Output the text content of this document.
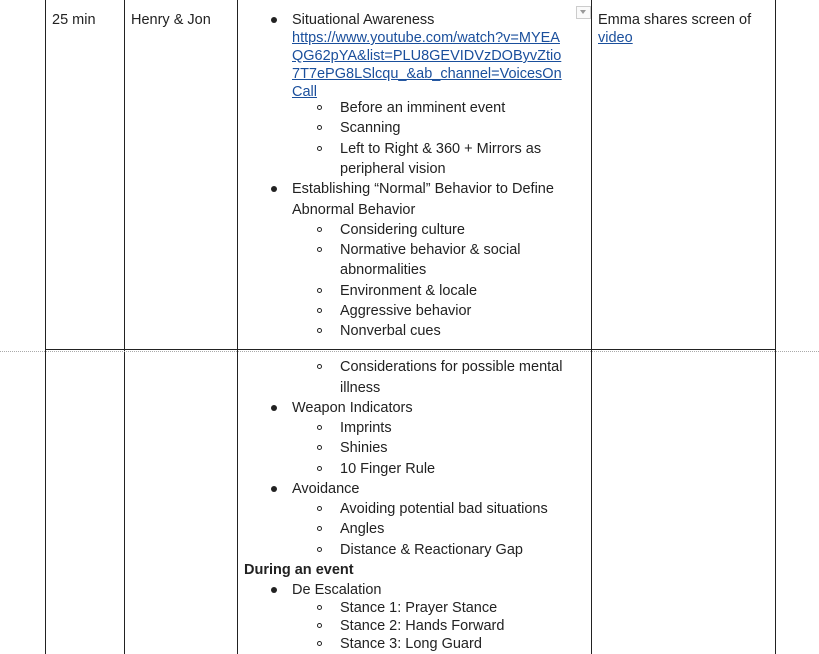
25 min Henry & Jon	Emma shares screen of
video
Situational Awareness
https://www.youtube.com/watch?v=MYEA
QG62pYA&list=PLU8GEVIDVzDOByvZtio
7T7ePG8LSlcqu_&ab_channel=VoicesOn
Call
Before an imminent event
Scanning
Left to Right & 360 + Mirrors as
peripheral vision
Establishing “Normal” Behavior to Define
Abnormal Behavior
Considering culture
Normative behavior & social
abnormalities
Environment & locale
Aggressive behavior
Nonverbal cues
Considerations for possible mental
illness
Weapon Indicators
Imprints
Shinies
10 Finger Rule
Avoidance
Avoiding potential bad situations
Angles
Distance & Reactionary Gap
During an event
De Escalation
Stance 1: Prayer Stance
Stance 2: Hands Forward
Stance 3: Long Guard
